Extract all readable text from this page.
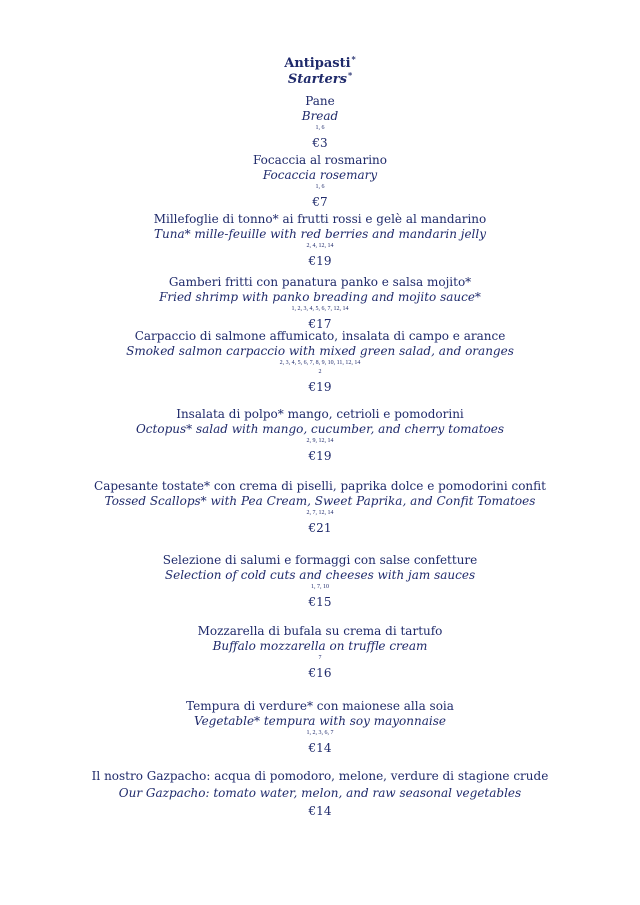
Antipasti*
Starters*
Pane
Bread
1, 6
€3
Focaccia al rosmarino
Focaccia rosemary
1, 6
€7
Millefoglie di tonno* ai frutti rossi e gelè al mandarino
Tuna* mille-feuille with red berries and mandarin jelly
2, 4, 12, 14
€19
Gamberi fritti con panatura panko e salsa mojito*
Fried shrimp with panko breading and mojito sauce*
1, 2, 3, 4, 5, 6, 7, 12, 14
€17
Carpaccio di salmone affumicato, insalata di campo e arance
Smoked salmon carpaccio with mixed green salad, and oranges
2, 3, 4, 5, 6, 7, 8, 9, 10, 11, 12, 14
2
€19
Insalata di polpo* mango, cetrioli e pomodorini
Octopus* salad with mango, cucumber, and cherry tomatoes
2, 9, 12, 14
€19
Capesante tostate* con crema di piselli, paprika dolce e pomodorini confit
Tossed Scallops* with Pea Cream, Sweet Paprika, and Confit Tomatoes
2, 7, 12, 14
€21
Selezione di salumi e formaggi con salse confetture
Selection of cold cuts and cheeses with jam sauces
1, 7, 10
€15
Mozzarella di bufala su crema di tartufo
Buffalo mozzarella on truffle cream
7
€16
Tempura di verdure* con maionese alla soia
Vegetable* tempura with soy mayonnaise
1, 2, 3, 6, 7
€14
Il nostro Gazpacho: acqua di pomodoro, melone, verdure di stagione crude
Our Gazpacho: tomato water, melon, and raw seasonal vegetables
€14
